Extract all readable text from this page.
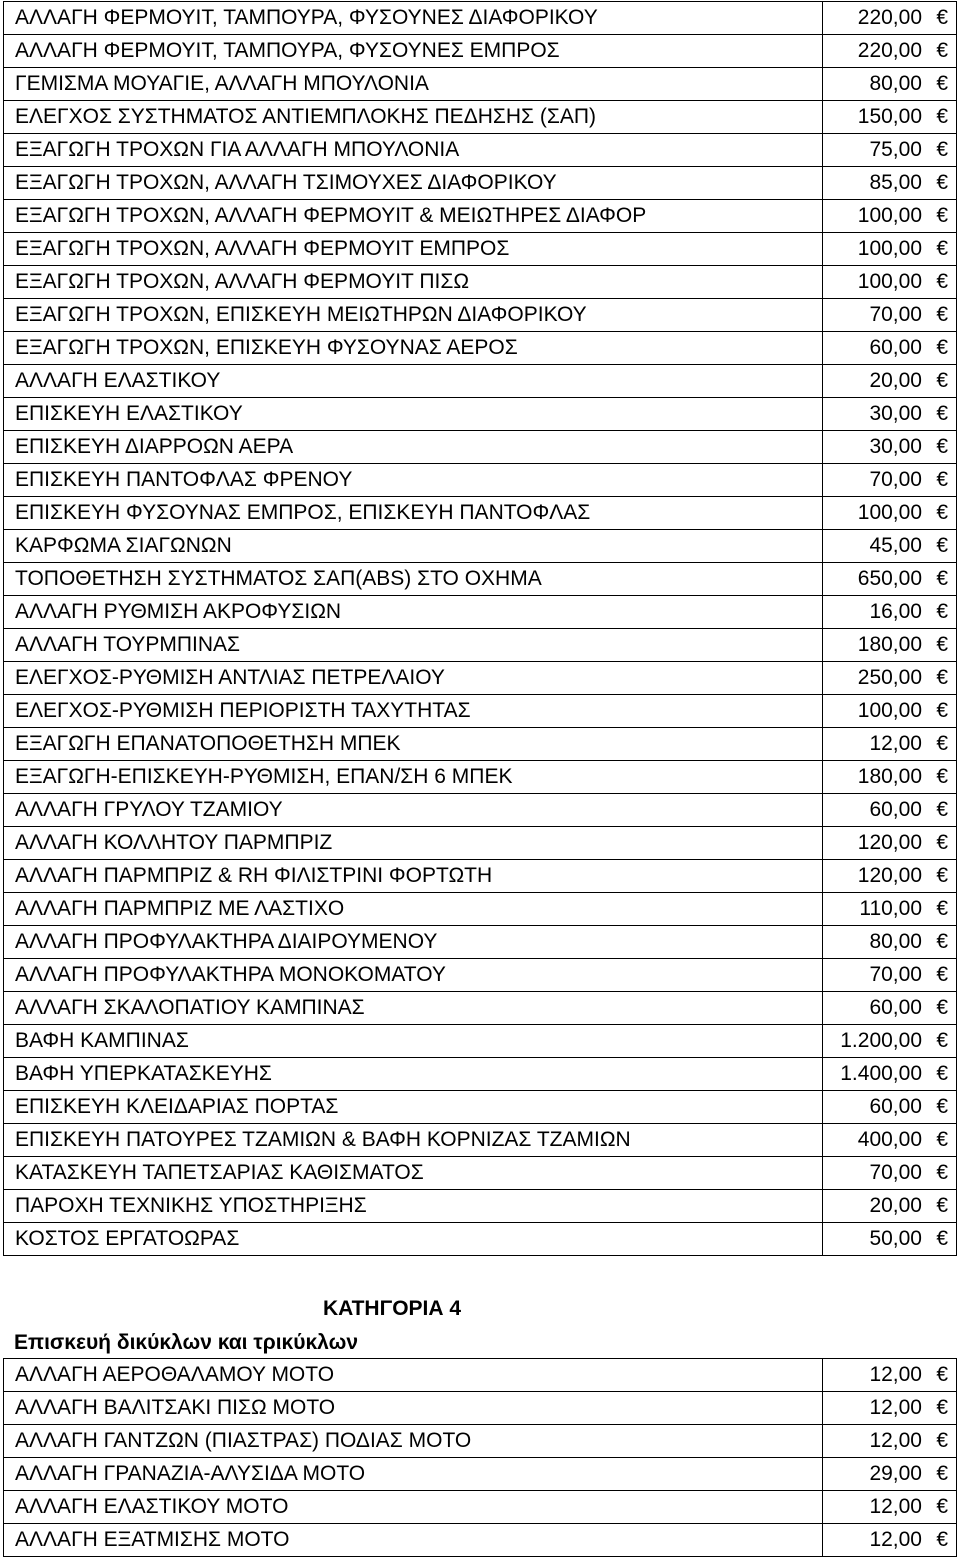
ΑΛΛΑΓΗ ΦΕΡΜΟΥΙΤ, ΤΑΜΠΟΥΡΑ, ΦΥΣΟΥΝΕΣ ΔΙΑΦΟΡΙΚΟΥ	220,00 €

ΑΛΛΑΓΗ ΦΕΡΜΟΥΙΤ, ΤΑΜΠΟΥΡΑ, ΦΥΣΟΥΝΕΣ ΕΜΠΡΟΣ	220,00 €

ΓΕΜΙΣΜΑ ΜΟΥΑΓΙΕ, ΑΛΛΑΓΗ ΜΠΟΥΛΟΝΙΑ	80,00 €

ΕΛΕΓΧΟΣ ΣΥΣΤΗΜΑΤΟΣ ΑΝΤΙΕΜΠΛΟΚΗΣ ΠΕΔΗΣΗΣ (ΣΑΠ)	150,00 €

ΕΞΑΓΩΓΗ ΤΡΟΧΩΝ ΓΙΑ ΑΛΛΑΓΗ ΜΠΟΥΛΟΝΙΑ	75,00 €

ΕΞΑΓΩΓΗ ΤΡΟΧΩΝ, ΑΛΛΑΓΗ ΤΣΙΜΟΥΧΕΣ ΔΙΑΦΟΡΙΚΟΥ	85,00 €

ΕΞΑΓΩΓΗ ΤΡΟΧΩΝ, ΑΛΛΑΓΗ ΦΕΡΜΟΥΙΤ & ΜΕΙΩΤΗΡΕΣ ΔΙΑΦΟΡ	100,00 €

ΕΞΑΓΩΓΗ ΤΡΟΧΩΝ, ΑΛΛΑΓΗ ΦΕΡΜΟΥΙΤ ΕΜΠΡΟΣ	100,00 €

ΕΞΑΓΩΓΗ ΤΡΟΧΩΝ, ΑΛΛΑΓΗ ΦΕΡΜΟΥΙΤ ΠΙΣΩ	100,00 €

ΕΞΑΓΩΓΗ ΤΡΟΧΩΝ, ΕΠΙΣΚΕΥΗ ΜΕΙΩΤΗΡΩΝ ΔΙΑΦΟΡΙΚΟΥ	70,00 €

ΕΞΑΓΩΓΗ ΤΡΟΧΩΝ, ΕΠΙΣΚΕΥΗ ΦΥΣΟΥΝΑΣ ΑΕΡΟΣ	60,00 €

ΑΛΛΑΓΗ ΕΛΑΣΤΙΚΟΥ	20,00 €

ΕΠΙΣΚΕΥΗ ΕΛΑΣΤΙΚΟΥ	30,00 €

ΕΠΙΣΚΕΥΗ ΔΙΑΡΡΟΩΝ ΑΕΡΑ	30,00 €

ΕΠΙΣΚΕΥΗ ΠΑΝΤΟΦΛΑΣ ΦΡΕΝΟΥ	70,00 €

ΕΠΙΣΚΕΥΗ ΦΥΣΟΥΝΑΣ ΕΜΠΡΟΣ, ΕΠΙΣΚΕΥΗ ΠΑΝΤΟΦΛΑΣ	100,00 €

ΚΑΡΦΩΜΑ ΣΙΑΓΩΝΩΝ	45,00 €

ΤΟΠΟΘΕΤΗΣΗ ΣΥΣΤΗΜΑΤΟΣ ΣΑΠ(ABS) ΣΤΟ ΟΧΗΜΑ	650,00 €

ΑΛΛΑΓΗ ΡΥΘΜΙΣΗ ΑΚΡΟΦΥΣΙΩΝ	16,00 €

ΑΛΛΑΓΗ ΤΟΥΡΜΠΙΝΑΣ	180,00 €

ΕΛΕΓΧΟΣ-ΡΥΘΜΙΣΗ ΑΝΤΛΙΑΣ ΠΕΤΡΕΛΑΙΟΥ	250,00 €

ΕΛΕΓΧΟΣ-ΡΥΘΜΙΣΗ ΠΕΡΙΟΡΙΣΤΗ ΤΑΧΥΤΗΤΑΣ	100,00 €

ΕΞΑΓΩΓΗ ΕΠΑΝΑΤΟΠΟΘΕΤΗΣΗ ΜΠΕΚ	12,00 €

ΕΞΑΓΩΓΗ-ΕΠΙΣΚΕΥΗ-ΡΥΘΜΙΣΗ, ΕΠΑΝ/ΣΗ 6 ΜΠΕΚ	180,00 €

ΑΛΛΑΓΗ ΓΡΥΛΟΥ ΤΖΑΜΙΟΥ	60,00 €

ΑΛΛΑΓΗ ΚΟΛΛΗΤΟΥ ΠΑΡΜΠΡΙΖ	120,00 €

ΑΛΛΑΓΗ ΠΑΡΜΠΡΙΖ & RH ΦΙΛΙΣΤΡΙΝΙ ΦΟΡΤΩΤΗ	120,00 €

ΑΛΛΑΓΗ ΠΑΡΜΠΡΙΖ ΜΕ ΛΑΣΤΙΧΟ	110,00 €

ΑΛΛΑΓΗ ΠΡΟΦΥΛΑΚΤΗΡΑ ΔΙΑΙΡΟΥΜΕΝΟΥ	80,00 €

ΑΛΛΑΓΗ ΠΡΟΦΥΛΑΚΤΗΡΑ ΜΟΝΟΚΟΜΑΤΟΥ	70,00 €

ΑΛΛΑΓΗ ΣΚΑΛΟΠΑΤΙΟΥ ΚΑΜΠΙΝΑΣ	60,00 €

ΒΑΦΗ ΚΑΜΠΙΝΑΣ	1.200,00 €

ΒΑΦΗ ΥΠΕΡΚΑΤΑΣΚΕΥΗΣ	1.400,00 €

ΕΠΙΣΚΕΥΗ ΚΛΕΙΔΑΡΙΑΣ ΠΟΡΤΑΣ	60,00 €

ΕΠΙΣΚΕΥΗ ΠΑΤΟΥΡΕΣ ΤΖΑΜΙΩΝ & ΒΑΦΗ ΚΟΡΝΙΖΑΣ ΤΖΑΜΙΩΝ	400,00 €

ΚΑΤΑΣΚΕΥΗ ΤΑΠΕΤΣΑΡΙΑΣ ΚΑΘΙΣΜΑΤΟΣ	70,00 €

ΠΑΡΟΧΗ ΤΕΧΝΙΚΗΣ ΥΠΟΣΤΗΡΙΞΗΣ	20,00 €

ΚΟΣΤΟΣ ΕΡΓΑΤΟΩΡΑΣ	50,00 €
ΚΑΤΗΓΟΡΙΑ 4
Επισκευή δικύκλων και τρικύκλων
ΑΛΛΑΓΗ ΑΕΡΟΘΑΛΑΜΟΥ ΜΟΤΟ	12,00 €

ΑΛΛΑΓΗ ΒΑΛΙΤΣΑΚΙ ΠΙΣΩ ΜΟΤΟ	12,00 €

ΑΛΛΑΓΗ ΓΑΝΤΖΩΝ (ΠΙΑΣΤΡΑΣ) ΠΟΔΙΑΣ ΜΟΤΟ	12,00 €

ΑΛΛΑΓΗ ΓΡΑΝΑΖΙΑ-ΑΛΥΣΙΔΑ ΜΟΤΟ	29,00 €

ΑΛΛΑΓΗ ΕΛΑΣΤΙΚΟΥ ΜΟΤΟ	12,00 €

ΑΛΛΑΓΗ ΕΞΑΤΜΙΣΗΣ ΜΟΤΟ	12,00 €
